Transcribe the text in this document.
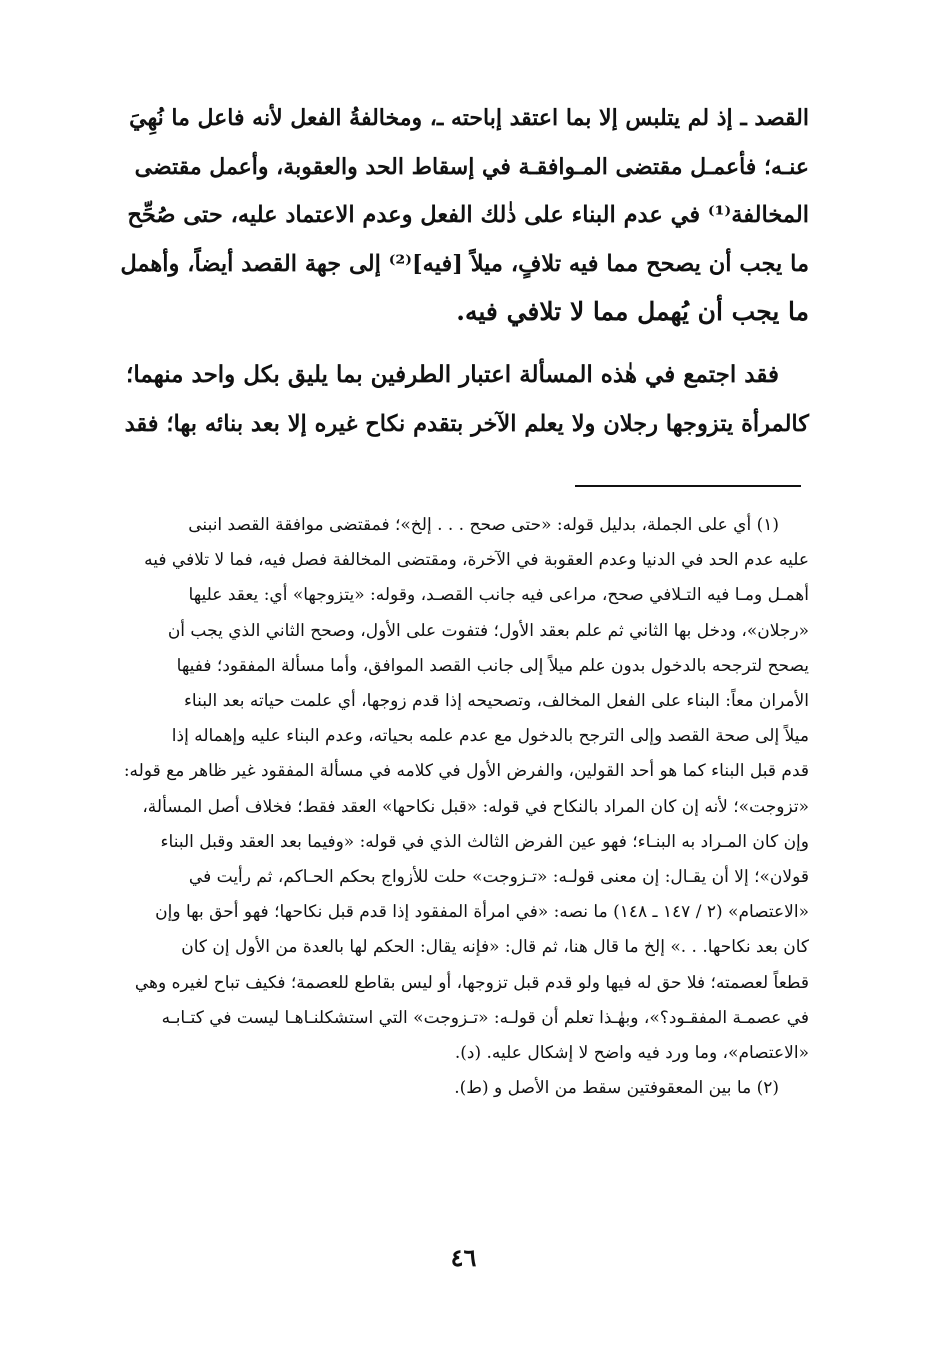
القصد ـ إذ لم يتلبس إلا بما اعتقد إباحته ـ، ومخالفةُ الفعل لأنه فاعل ما نُهِيَ
عنـه؛ فأعمـل مقتضى المـوافقـة في إسقاط الحد والعقوبة، وأعمل مقتضى
المخالفة⁽¹⁾ في عدم البناء على ذٰلك الفعل وعدم الاعتماد عليه، حتى صُحِّح
ما يجب أن يصحح مما فيه تلافٍ، ميلاً [فيه]⁽²⁾ إلى جهة القصد أيضاً، وأهمل
ما يجب أن يُهمل مما لا تلافي فيه.

فقد اجتمع في هٰذه المسألة اعتبار الطرفين بما يليق بكل واحد منهما؛
كالمرأة يتزوجها رجلان ولا يعلم الآخر بتقدم نكاح غيره إلا بعد بنائه بها؛ فقد

(١) أي على الجملة، بدليل قوله: «حتى صحح . . . إلخ»؛ فمقتضى موافقة القصد انبنى
عليه عدم الحد في الدنيا وعدم العقوبة في الآخرة، ومقتضى المخالفة فصل فيه، فما لا تلافي فيه
أهمـل ومـا فيه التـلافي صحح، مراعى فيه جانب القصـد، وقوله: «يتزوجها» أي: يعقد عليها
«رجلان»، ودخل بها الثاني ثم علم بعقد الأول؛ فتفوت على الأول، وصحح الثاني الذي يجب أن
يصحح لترجحه بالدخول بدون علم ميلاً إلى جانب القصد الموافق، وأما مسألة المفقود؛ ففيها
الأمران معاً: البناء على الفعل المخالف، وتصحيحه إذا قدم زوجها، أي علمت حياته بعد البناء
ميلاً إلى صحة القصد وإلى الترجح بالدخول مع عدم علمه بحياته، وعدم البناء عليه وإهماله إذا
قدم قبل البناء كما هو أحد القولين، والفرض الأول في كلامه في مسألة المفقود غير ظاهر مع قوله:
«تزوجت»؛ لأنه إن كان المراد بالنكاح في قوله: «قبل نكاحها» العقد فقط؛ فخلاف أصل المسألة،
وإن كان المـراد به البنـاء؛ فهو عين الفرض الثالث الذي في قوله: «وفيما بعد العقد وقبل البناء
قولان»؛ إلا أن يقـال: إن معنى قولـه: «تـزوجت» حلت للأزواج بحكم الحـاكم، ثم رأيت في
«الاعتصام» (٢ / ١٤٧ ـ ١٤٨) ما نصه: «في امرأة المفقود إذا قدم قبل نكاحها؛ فهو أحق بها وإن
كان بعد نكاحها. . .» إلخ ما قال هنا، ثم قال: «فإنه يقال: الحكم لها بالعدة من الأول إن كان
قطعاً لعصمته؛ فلا حق له فيها ولو قدم قبل تزوجها، أو ليس بقاطع للعصمة؛ فكيف تباح لغيره وهي
في عصمـة المفقـود؟»، وبهٰـذا تعلم أن قولـه: «تـزوجت» التي استشكلنـاهـا ليست في كتـابـه
«الاعتصام»، وما ورد فيه واضح لا إشكال عليه. (د).
(٢) ما بين المعقوفتين سقط من الأصل و (ط).
٤٦
